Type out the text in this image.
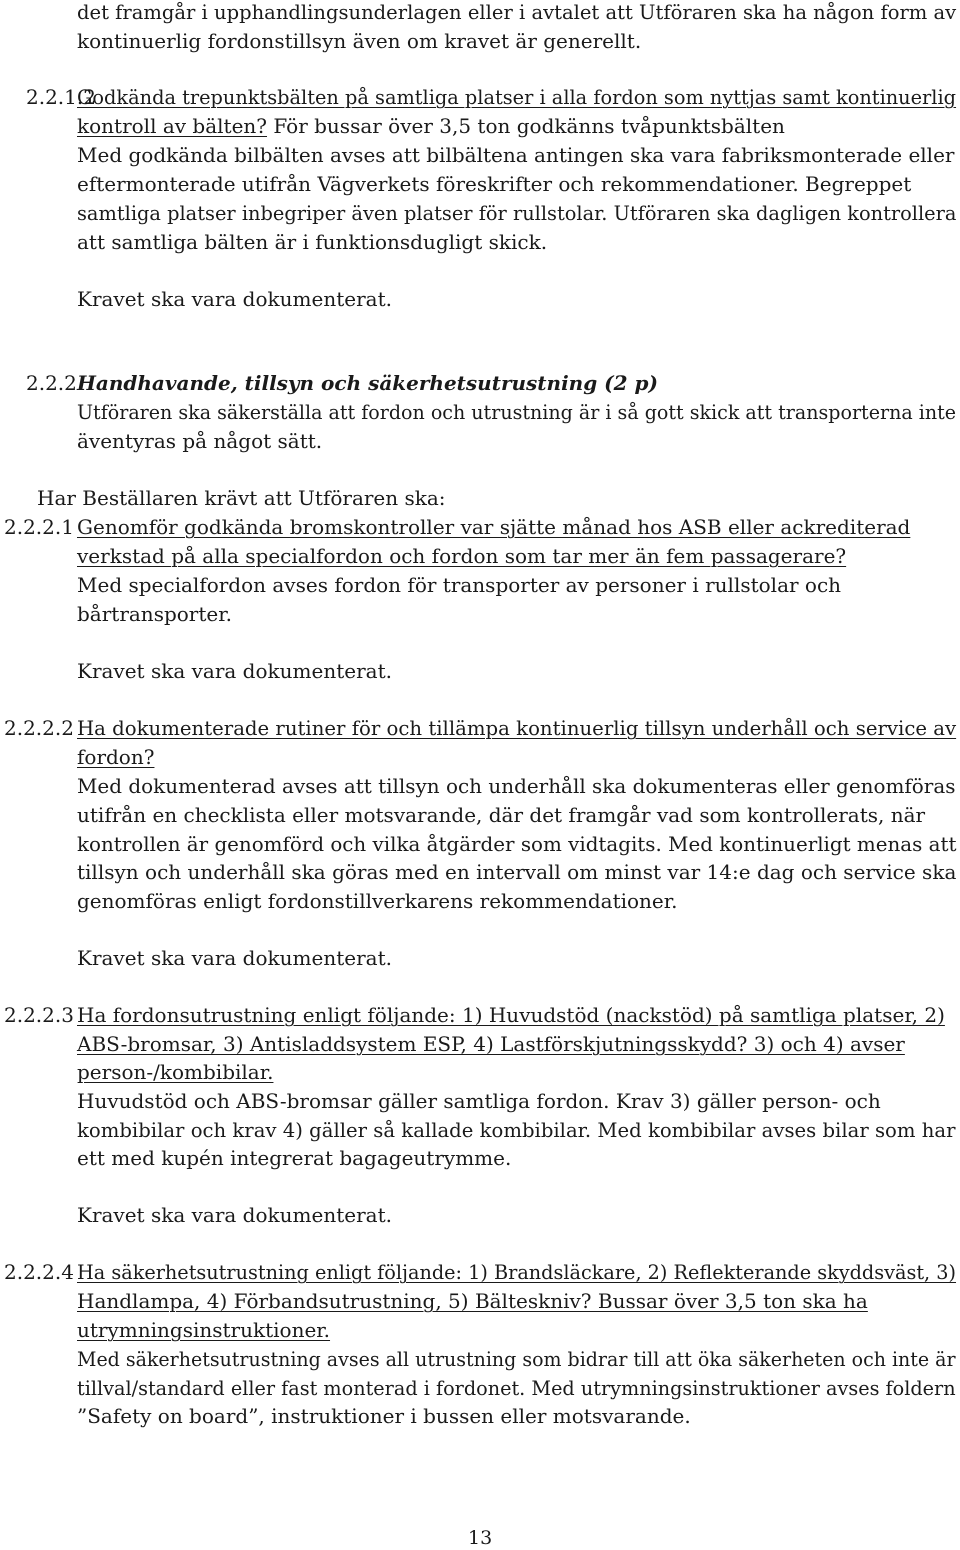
det framgår i upphandlingsunderlagen eller i avtalet att Utföraren ska ha någon form av
kontinuerlig fordonstillsyn även om kravet är generellt.
2.2.1.2
Godkända trepunktsbälten på samtliga platser i alla fordon som nyttjas samt kontinuerlig
kontroll av bälten? För bussar över 3,5 ton godkänns tvåpunktsbälten
Med godkända bilbälten avses att bilbältena antingen ska vara fabriksmonterade eller
eftermonterade utifrån Vägverkets föreskrifter och rekommendationer. Begreppet
samtliga platser inbegriper även platser för rullstolar. Utföraren ska dagligen kontrollera
att samtliga bälten är i funktionsdugligt skick.
Kravet ska vara dokumenterat.
2.2.2 Handhavande, tillsyn och säkerhetsutrustning (2 p)
Utföraren ska säkerställa att fordon och utrustning är i så gott skick att transporterna inte
äventyras på något sätt.
Har Beställaren krävt att Utföraren ska:
2.2.2.1 Genomför godkända bromskontroller var sjätte månad hos ASB eller ackrediterad
verkstad på alla specialfordon och fordon som tar mer än fem passagerare?
Med specialfordon avses fordon för transporter av personer i rullstolar och
bårtransporter.
Kravet ska vara dokumenterat.
2.2.2.2 Ha dokumenterade rutiner för och tillämpa kontinuerlig tillsyn underhåll och service av
fordon?
Med dokumenterad avses att tillsyn och underhåll ska dokumenteras eller genomföras
utifrån en checklista eller motsvarande, där det framgår vad som kontrollerats, när
kontrollen är genomförd och vilka åtgärder som vidtagits. Med kontinuerligt menas att
tillsyn och underhåll ska göras med en intervall om minst var 14:e dag och service ska
genomföras enligt fordonstillverkarens rekommendationer.
Kravet ska vara dokumenterat.
2.2.2.3 Ha fordonsutrustning enligt följande: 1) Huvudstöd (nackstöd) på samtliga platser, 2)
ABS-bromsar, 3) Antisladdsystem ESP, 4) Lastförskjutningsskydd? 3) och 4) avser
person-/kombibilar.
Huvudstöd och ABS-bromsar gäller samtliga fordon. Krav 3) gäller person- och
kombibilar och krav 4) gäller så kallade kombibilar. Med kombibilar avses bilar som har
ett med kupén integrerat bagageutrymme.
Kravet ska vara dokumenterat.
2.2.2.4 Ha säkerhetsutrustning enligt följande: 1) Brandsläckare, 2) Reflekterande skyddsväst, 3)
Handlampa, 4) Förbandsutrustning, 5) Bälteskniv? Bussar över 3,5 ton ska ha
utrymningsinstruktioner.
Med säkerhetsutrustning avses all utrustning som bidrar till att öka säkerheten och inte är
tillval/standard eller fast monterad i fordonet. Med utrymningsinstruktioner avses foldern
”Safety on board”, instruktioner i bussen eller motsvarande.
13
